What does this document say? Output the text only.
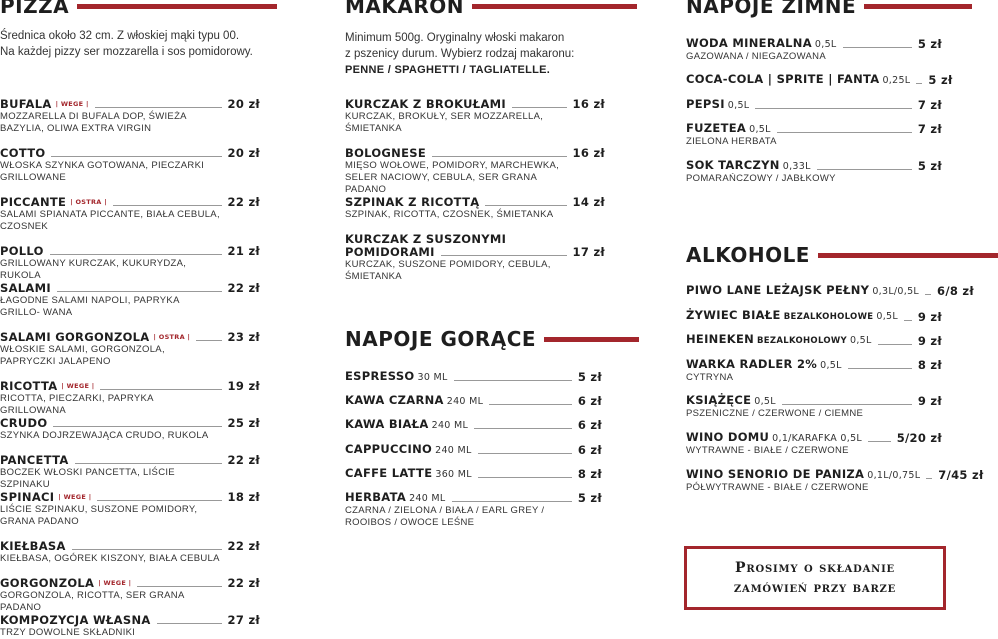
PIZZA	MAKARON	NAPOJE ZIMNE
NAPOJE GORĄCE
ALKOHOLE
Średnica około 32 cm. Z włoskiej mąki typu 00.
Na każdej pizzy ser mozzarella i sos pomidorowy.
Minimum 500g. Oryginalny włoski makaron
z pszenicy durum. Wybierz rodzaj makaronu:
PENNE / SPAGHETTI / TAGLIATELLE.
BUFALA | WEGE |	20 zł
MOZZARELLA DI BUFALA DOP, ŚWIEŻA BAZYLIA, OLIWA EXTRA VIRGIN
COTTO	20 zł
WŁOSKA SZYNKA GOTOWANA, PIECZARKI GRILLOWANE
PICCANTE | OSTRA |	22 zł
SALAMI SPIANATA PICCANTE, BIAŁA CEBULA, CZOSNEK
POLLO	21 zł
GRILLOWANY KURCZAK, KUKURYDZA, RUKOLA
SALAMI	22 zł
ŁAGODNE SALAMI NAPOLI, PAPRYKA GRILLO- WANA
SALAMI GORGONZOLA | OSTRA |	23 zł
WŁOSKIE SALAMI, GORGONZOLA, PAPRYCZKI JALAPENO
RICOTTA | WEGE |	19 zł
RICOTTA, PIECZARKI, PAPRYKA GRILLOWANA
CRUDO	25 zł
SZYNKA DOJRZEWAJĄCA CRUDO, RUKOLA
PANCETTA	22 zł
BOCZEK WŁOSKI PANCETTA, LIŚCIE SZPINAKU
SPINACI | WEGE |	18 zł
LIŚCIE SZPINAKU, SUSZONE POMIDORY, GRANA PADANO
KIEŁBASA	22 zł
KIEŁBASA, OGÓREK KISZONY, BIAŁA CEBULA
GORGONZOLA | WEGE |	22 zł
GORGONZOLA, RICOTTA, SER GRANA PADANO
KOMPOZYCJA WŁASNA	27 zł
TRZY DOWOLNE SKŁADNIKI
KURCZAK Z BROKUŁAMI	16 zł
KURCZAK, BROKUŁY, SER MOZZARELLA, ŚMIETANKA
BOLOGNESE	16 zł
MIĘSO WOŁOWE, POMIDORY, MARCHEWKA, SELER NACIOWY, CEBULA, SER GRANA PADANO
SZPINAK Z RICOTTĄ	14 zł
SZPINAK, RICOTTA, CZOSNEK, ŚMIETANKA
KURCZAK Z SUSZONYMI
POMIDORAMI	17 zł
KURCZAK, SUSZONE POMIDORY, CEBULA, ŚMIETANKA
ESPRESSO 30 ML	5 zł
KAWA CZARNA 240 ML	6 zł
KAWA BIAŁA 240 ML	6 zł
CAPPUCCINO 240 ML	6 zł
CAFFE LATTE 360 ML	8 zł
HERBATA 240 ML	5 zł
CZARNA / ZIELONA / BIAŁA / EARL GREY / ROOIBOS / OWOCE LEŚNE
WODA MINERALNA 0,5L	5 zł
GAZOWANA / NIEGAZOWANA
COCA-COLA | SPRITE | FANTA 0,25L 5 zł
PEPSI 0,5L	7 zł
FUZETEA 0,5L	7 zł
ZIELONA HERBATA
SOK TARCZYN 0,33L	5 zł
POMARAŃCZOWY / JABŁKOWY
PIWO LANE LEŻAJSK PEŁNY 0,3L/0,5L 6/8 zł
ŻYWIEC BIAŁE BEZALKOHOLOWE 0,5L 9 zł
HEINEKEN BEZALKOHOLOWY 0,5L	9 zł
WARKA RADLER 2% 0,5L	8 zł
CYTRYNA
KSIĄŻĘCE 0,5L	9 zł
PSZENICZNE / CZERWONE / CIEMNE
WINO DOMU 0,1/KARAFKA 0,5L	5/20 zł
WYTRAWNE - BIAŁE / CZERWONE
WINO SENORIO DE PANIZA 0,1L/0,75L 7/45 zł
PÓŁWYTRAWNE - BIAŁE / CZERWONE
Prosimy o składanie
zamówień przy barze
